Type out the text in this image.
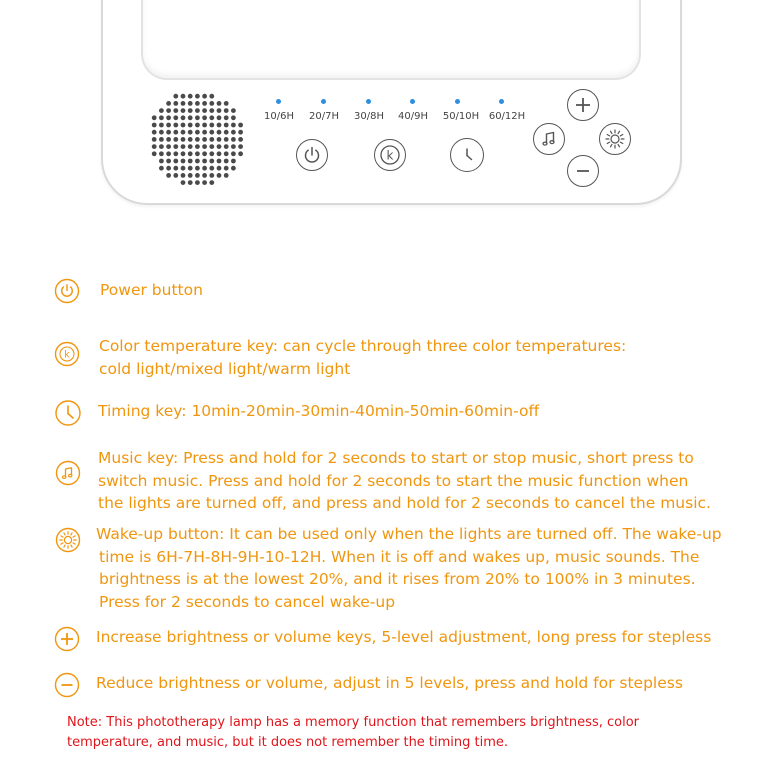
10/6H 20/7H 30/8H 40/9H 50/10H 60/12H
k
Power button
k Color temperature key: can cycle through three color temperatures:
cold light/mixed light/warm light
Timing key: 10min-20min-30min-40min-50min-60min-off
Music key: Press and hold for 2 seconds to start or stop music, short press to
switch music. Press and hold for 2 seconds to start the music function when
the lights are turned off, and press and hold for 2 seconds to cancel the music.
Wake-up button: It can be used only when the lights are turned off. The wake-up
time is 6H-7H-8H-9H-10-12H. When it is off and wakes up, music sounds. The
brightness is at the lowest 20%, and it rises from 20% to 100% in 3 minutes.
Press for 2 seconds to cancel wake-up
Increase brightness or volume keys, 5-level adjustment, long press for stepless
Reduce brightness or volume, adjust in 5 levels, press and hold for stepless
Note: This phototherapy lamp has a memory function that remembers brightness, color
temperature, and music, but it does not remember the timing time.
